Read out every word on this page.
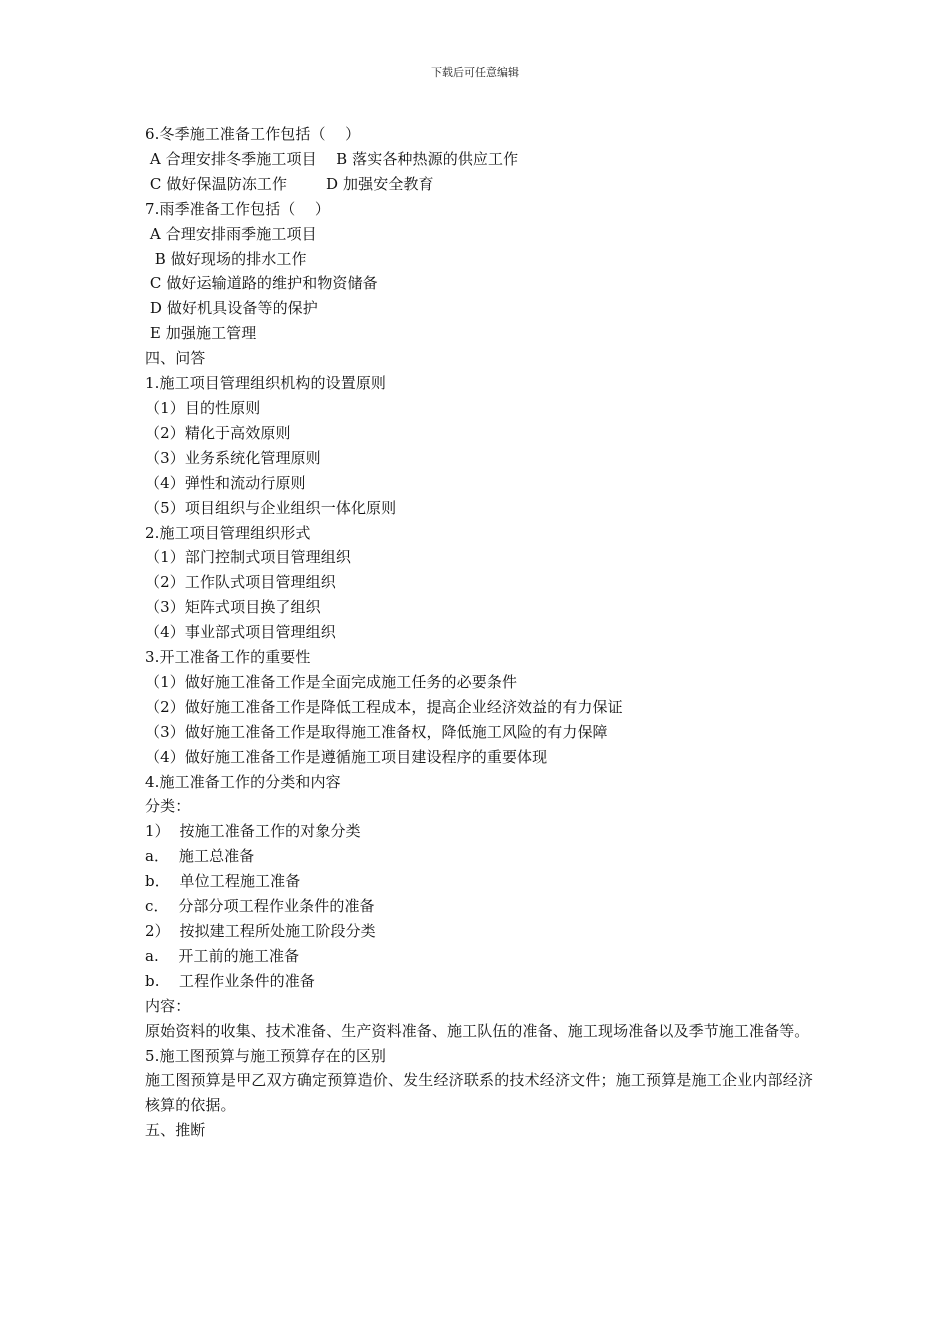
下载后可任意编辑
6.冬季施工准备工作包括（    ）
A 合理安排冬季施工项目    B 落实各种热源的供应工作
C 做好保温防冻工作        D 加强安全教育
7.雨季准备工作包括（    ）
A 合理安排雨季施工项目
B 做好现场的排水工作
C 做好运输道路的维护和物资储备
D 做好机具设备等的保护
E 加强施工管理
四、问答
1.施工项目管理组织机构的设置原则
（1）目的性原则
（2）精化于高效原则
（3）业务系统化管理原则
（4）弹性和流动行原则
（5）项目组织与企业组织一体化原则
2.施工项目管理组织形式
（1）部门控制式项目管理组织
（2）工作队式项目管理组织
（3）矩阵式项目换了组织
（4）事业部式项目管理组织
3.开工准备工作的重要性
（1）做好施工准备工作是全面完成施工任务的必要条件
（2）做好施工准备工作是降低工程成本，提高企业经济效益的有力保证
（3）做好施工准备工作是取得施工准备权，降低施工风险的有力保障
（4）做好施工准备工作是遵循施工项目建设程序的重要体现
4.施工准备工作的分类和内容
分类：
1）  按施工准备工作的对象分类
a．  施工总准备
b．  单位工程施工准备
c．  分部分项工程作业条件的准备
2）  按拟建工程所处施工阶段分类
a.    开工前的施工准备
b.    工程作业条件的准备
内容：
原始资料的收集、技术准备、生产资料准备、施工队伍的准备、施工现场准备以及季节施工准备等。
5.施工图预算与施工预算存在的区别
施工图预算是甲乙双方确定预算造价、发生经济联系的技术经济文件；施工预算是施工企业内部经济核算的依据。
五、推断
